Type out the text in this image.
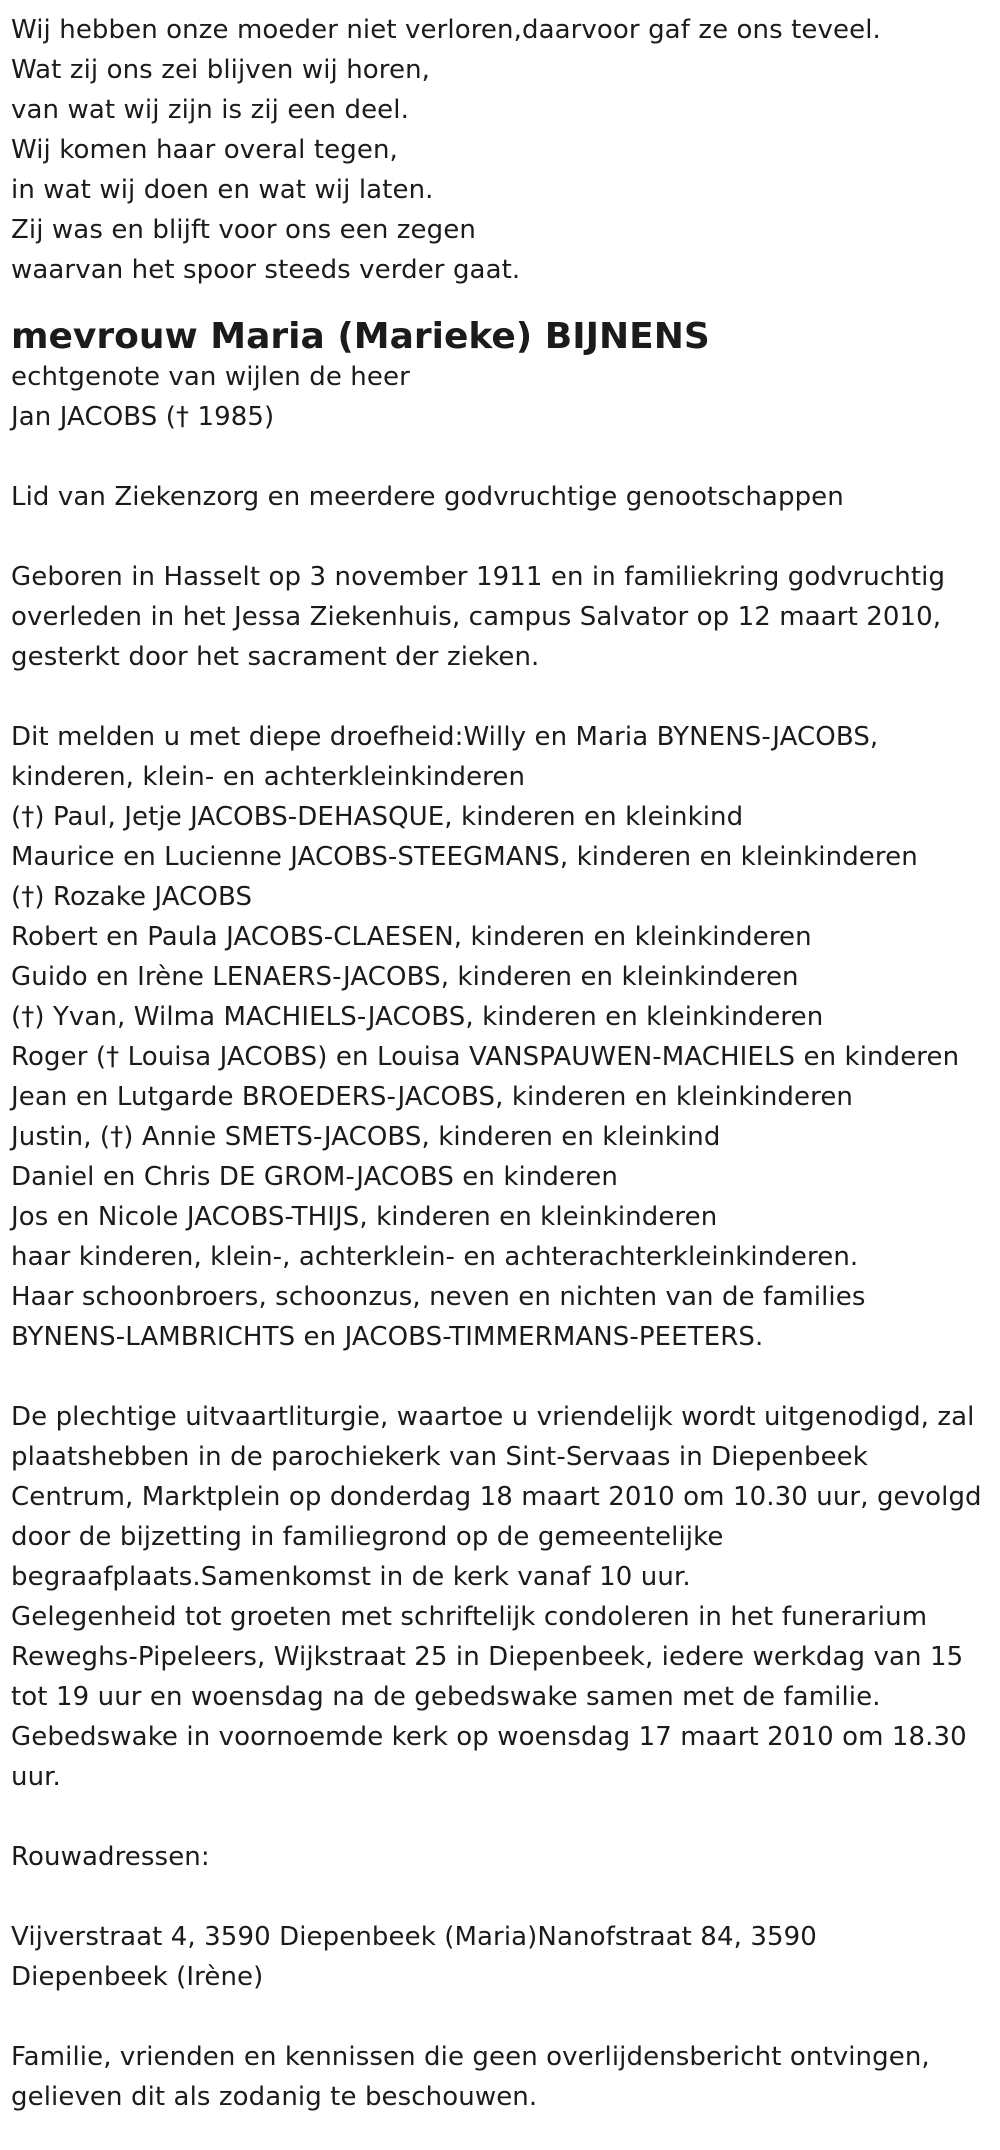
Wij hebben onze moeder niet verloren,daarvoor gaf ze ons teveel.
Wat zij ons zei blijven wij horen,
van wat wij zijn is zij een deel.
Wij komen haar overal tegen,
in wat wij doen en wat wij laten.
Zij was en blijft voor ons een zegen
waarvan het spoor steeds verder gaat.
mevrouw Maria (Marieke) BIJNENS
echtgenote van wijlen de heer
Jan JACOBS († 1985)
Lid van Ziekenzorg en meerdere godvruchtige genootschappen
Geboren in Hasselt op 3 november 1911 en in familiekring godvruchtig
overleden in het Jessa Ziekenhuis, campus Salvator op 12 maart 2010,
gesterkt door het sacrament der zieken.
Dit melden u met diepe droefheid:Willy en Maria BYNENS-JACOBS,
kinderen, klein- en achterkleinkinderen
(†) Paul, Jetje JACOBS-DEHASQUE, kinderen en kleinkind
Maurice en Lucienne JACOBS-STEEGMANS, kinderen en kleinkinderen
(†) Rozake JACOBS
Robert en Paula JACOBS-CLAESEN, kinderen en kleinkinderen
Guido en Irène LENAERS-JACOBS, kinderen en kleinkinderen
(†) Yvan, Wilma MACHIELS-JACOBS, kinderen en kleinkinderen
Roger († Louisa JACOBS) en Louisa VANSPAUWEN-MACHIELS en kinderen
Jean en Lutgarde BROEDERS-JACOBS, kinderen en kleinkinderen
Justin, (†) Annie SMETS-JACOBS, kinderen en kleinkind
Daniel en Chris DE GROM-JACOBS en kinderen
Jos en Nicole JACOBS-THIJS, kinderen en kleinkinderen
haar kinderen, klein-, achterklein- en achterachterkleinkinderen.
Haar schoonbroers, schoonzus, neven en nichten van de families
BYNENS-LAMBRICHTS en JACOBS-TIMMERMANS-PEETERS.
De plechtige uitvaartliturgie, waartoe u vriendelijk wordt uitgenodigd, zal
plaatshebben in de parochiekerk van Sint-Servaas in Diepenbeek
Centrum, Marktplein op donderdag 18 maart 2010 om 10.30 uur, gevolgd
door de bijzetting in familiegrond op de gemeentelijke
begraafplaats.Samenkomst in de kerk vanaf 10 uur.
Gelegenheid tot groeten met schriftelijk condoleren in het funerarium
Reweghs-Pipeleers, Wijkstraat 25 in Diepenbeek, iedere werkdag van 15
tot 19 uur en woensdag na de gebedswake samen met de familie.
Gebedswake in voornoemde kerk op woensdag 17 maart 2010 om 18.30
uur.
Rouwadressen:
Vijverstraat 4, 3590 Diepenbeek (Maria)Nanofstraat 84, 3590
Diepenbeek (Irène)
Familie, vrienden en kennissen die geen overlijdensbericht ontvingen,
gelieven dit als zodanig te beschouwen.
